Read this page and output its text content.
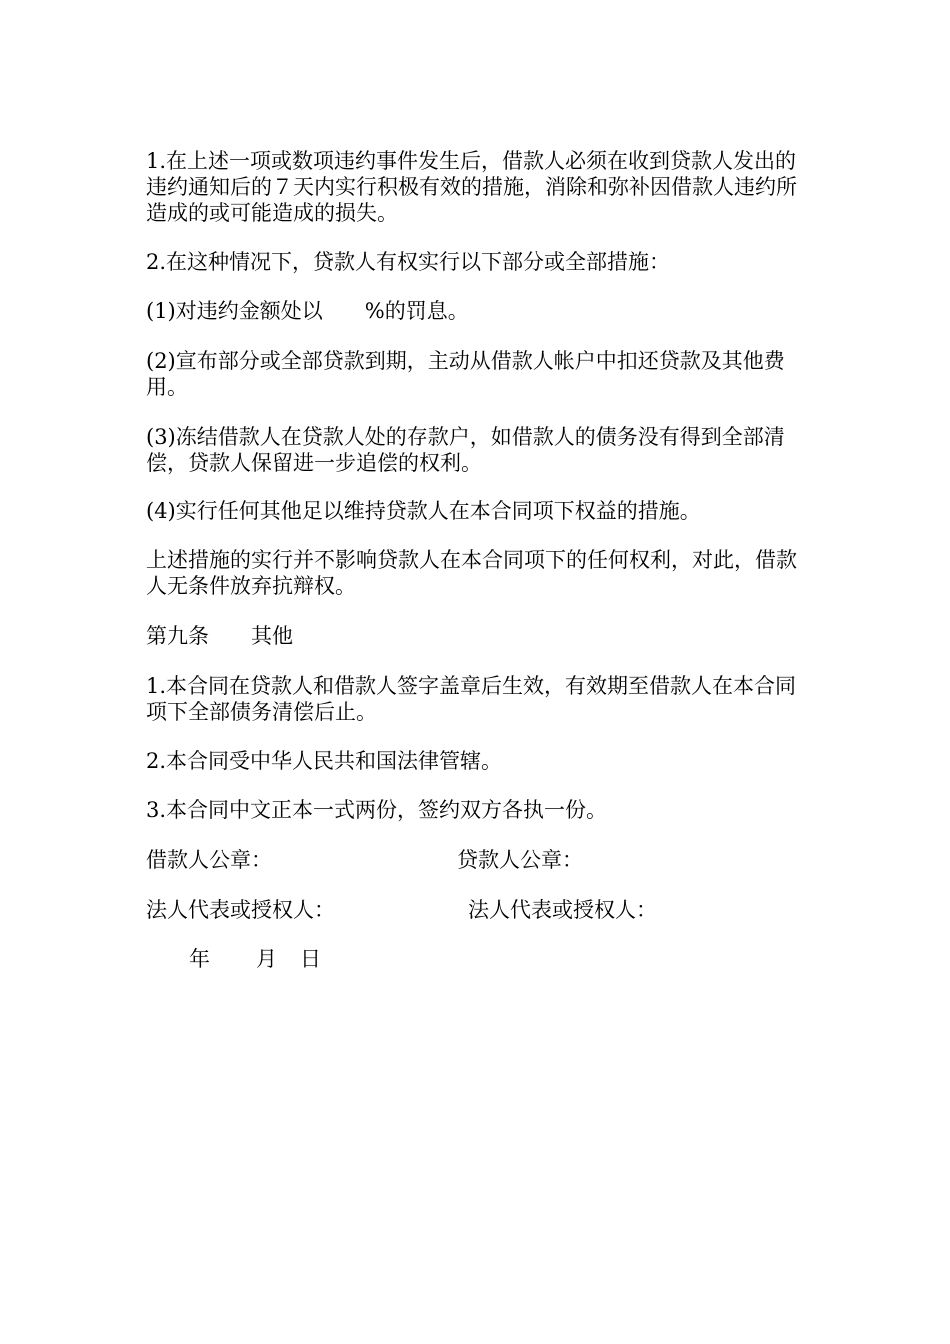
1.在上述一项或数项违约事件发生后，借款人必须在收到贷款人发出的违约通知后的７天内实行积极有效的措施，消除和弥补因借款人违约所造成的或可能造成的损失。

2.在这种情况下，贷款人有权实行以下部分或全部措施：

(1)对违约金额处以　　%的罚息。

(2)宣布部分或全部贷款到期，主动从借款人帐户中扣还贷款及其他费用。

(3)冻结借款人在贷款人处的存款户，如借款人的债务没有得到全部清偿，贷款人保留进一步追偿的权利。

(4)实行任何其他足以维持贷款人在本合同项下权益的措施。

上述措施的实行并不影响贷款人在本合同项下的任何权利，对此，借款人无条件放弃抗辩权。

第九条　　其他

1.本合同在贷款人和借款人签字盖章后生效，有效期至借款人在本合同项下全部债务清偿后止。

2.本合同受中华人民共和国法律管辖。

3.本合同中文正本一式两份，签约双方各执一份。

借款人公章：	贷款人公章：
法人代表或授权人：	法人代表或授权人：
年 月 日
